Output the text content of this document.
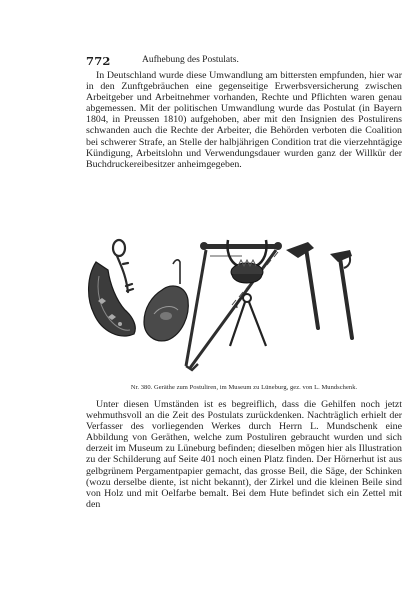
772	Aufhebung des Postulats.

In Deutschland wurde diese Umwandlung am bittersten empfunden, hier war in den Zunftgebräuchen eine gegenseitige Erwerbsversicherung zwischen Arbeitgeber und Arbeitnehmer vorhanden, Rechte und Pflichten waren genau abgemessen. Mit der politischen Umwandlung wurde das Postulat (in Bayern 1804, in Preussen 1810) aufgehoben, aber mit den Insignien des Postulirens schwanden auch die Rechte der Arbeiter, die Behörden verboten die Coalition bei schwerer Strafe, an Stelle der halbjährigen Condition trat die vierzehntägige Kündigung, Arbeitslohn und Verwendungsdauer wurden ganz der Willkür der Buchdruckereibesitzer anheimgegeben.

Nr. 380. Geräthe zum Postuliren, im Museum zu Lüneburg, gez. von L. Mundschenk.

Unter diesen Umständen ist es begreiflich, dass die Gehilfen noch jetzt wehmuthsvoll an die Zeit des Postulats zurückdenken. Nachträglich erhielt der Verfasser des vorliegenden Werkes durch Herrn L. Mundschenk eine Abbildung von Geräthen, welche zum Postuliren gebraucht wurden und sich derzeit im Museum zu Lüneburg befinden; dieselben mögen hier als Illustration zu der Schilderung auf Seite 401 noch einen Platz finden. Der Hörnerhut ist aus gelbgrünem Pergamentpapier gemacht, das grosse Beil, die Säge, der Schinken (wozu derselbe diente, ist nicht bekannt), der Zirkel und die kleinen Beile sind von Holz und mit Oelfarbe bemalt. Bei dem Hute befindet sich ein Zettel mit den
